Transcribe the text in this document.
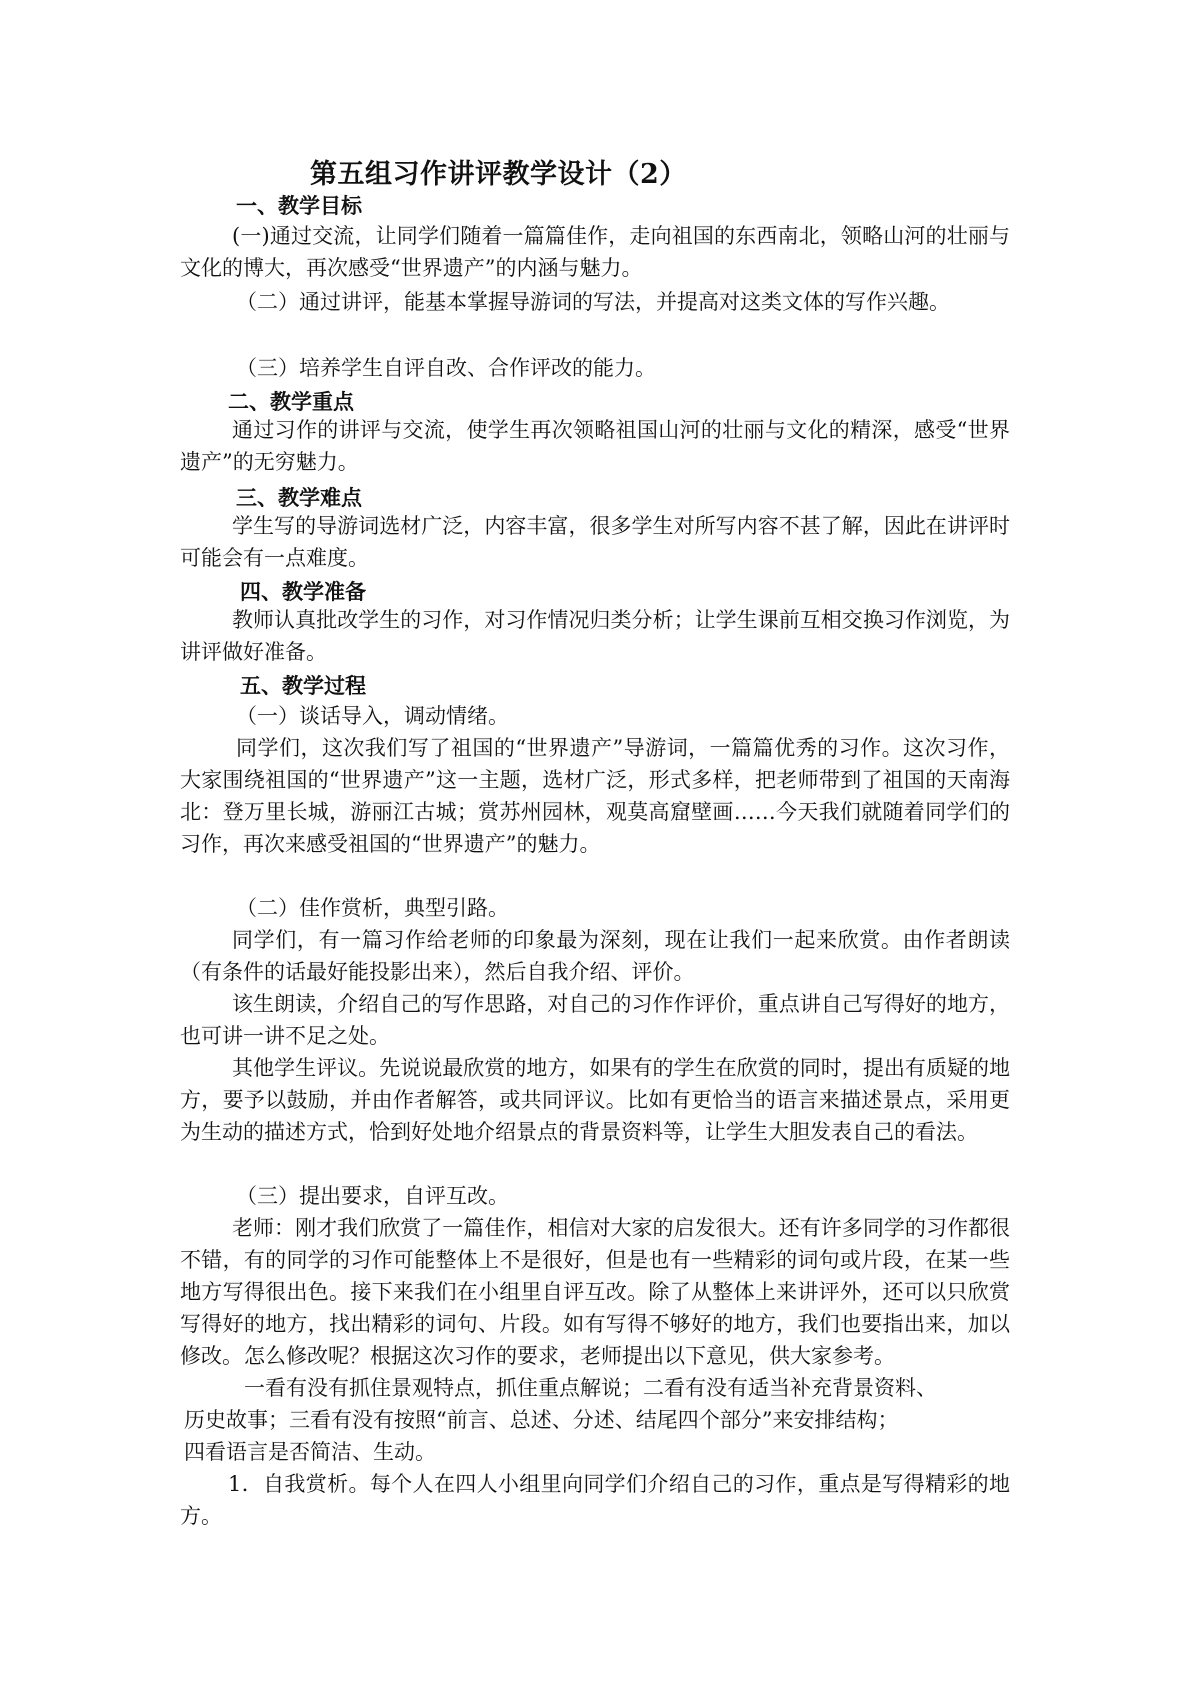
第五组习作讲评教学设计（2）
一、教学目标
(一)通过交流，让同学们随着一篇篇佳作，走向祖国的东西南北，领略山河的壮丽与文化的博大，再次感受“世界遗产”的内涵与魅力。
（二）通过讲评，能基本掌握导游词的写法，并提高对这类文体的写作兴趣。
（三）培养学生自评自改、合作评改的能力。
二、教学重点
通过习作的讲评与交流，使学生再次领略祖国山河的壮丽与文化的精深，感受“世界遗产”的无穷魅力。
三、教学难点
学生写的导游词选材广泛，内容丰富，很多学生对所写内容不甚了解，因此在讲评时可能会有一点难度。
四、教学准备
教师认真批改学生的习作，对习作情况归类分析；让学生课前互相交换习作浏览，为讲评做好准备。
五、教学过程
（一）谈话导入，调动情绪。
同学们，这次我们写了祖国的“世界遗产”导游词，一篇篇优秀的习作。这次习作，大家围绕祖国的“世界遗产”这一主题，选材广泛，形式多样，把老师带到了祖国的天南海北：登万里长城，游丽江古城；赏苏州园林，观莫高窟壁画……今天我们就随着同学们的习作，再次来感受祖国的“世界遗产”的魅力。
（二）佳作赏析，典型引路。
同学们，有一篇习作给老师的印象最为深刻，现在让我们一起来欣赏。由作者朗读（有条件的话最好能投影出来），然后自我介绍、评价。
该生朗读，介绍自己的写作思路，对自己的习作作评价，重点讲自己写得好的地方，也可讲一讲不足之处。
其他学生评议。先说说最欣赏的地方，如果有的学生在欣赏的同时，提出有质疑的地方，要予以鼓励，并由作者解答，或共同评议。比如有更恰当的语言来描述景点，采用更为生动的描述方式，恰到好处地介绍景点的背景资料等，让学生大胆发表自己的看法。
（三）提出要求，自评互改。
老师：刚才我们欣赏了一篇佳作，相信对大家的启发很大。还有许多同学的习作都很不错，有的同学的习作可能整体上不是很好，但是也有一些精彩的词句或片段，在某一些地方写得很出色。接下来我们在小组里自评互改。除了从整体上来讲评外，还可以只欣赏写得好的地方，找出精彩的词句、片段。如有写得不够好的地方，我们也要指出来，加以修改。 怎么修改呢？根据这次习作的要求，老师提出以下意见，供大家参考。
一看有没有抓住景观特点，抓住重点解说；二看有没有适当补充背景资料、
历史故事；三看有没有按照“前言、总述、分述、结尾四个部分”来安排结构；
四看语言是否简洁、生动。
1．自我赏析。每个人在四人小组里向同学们介绍自己的习作，重点是写得精彩的地方。
